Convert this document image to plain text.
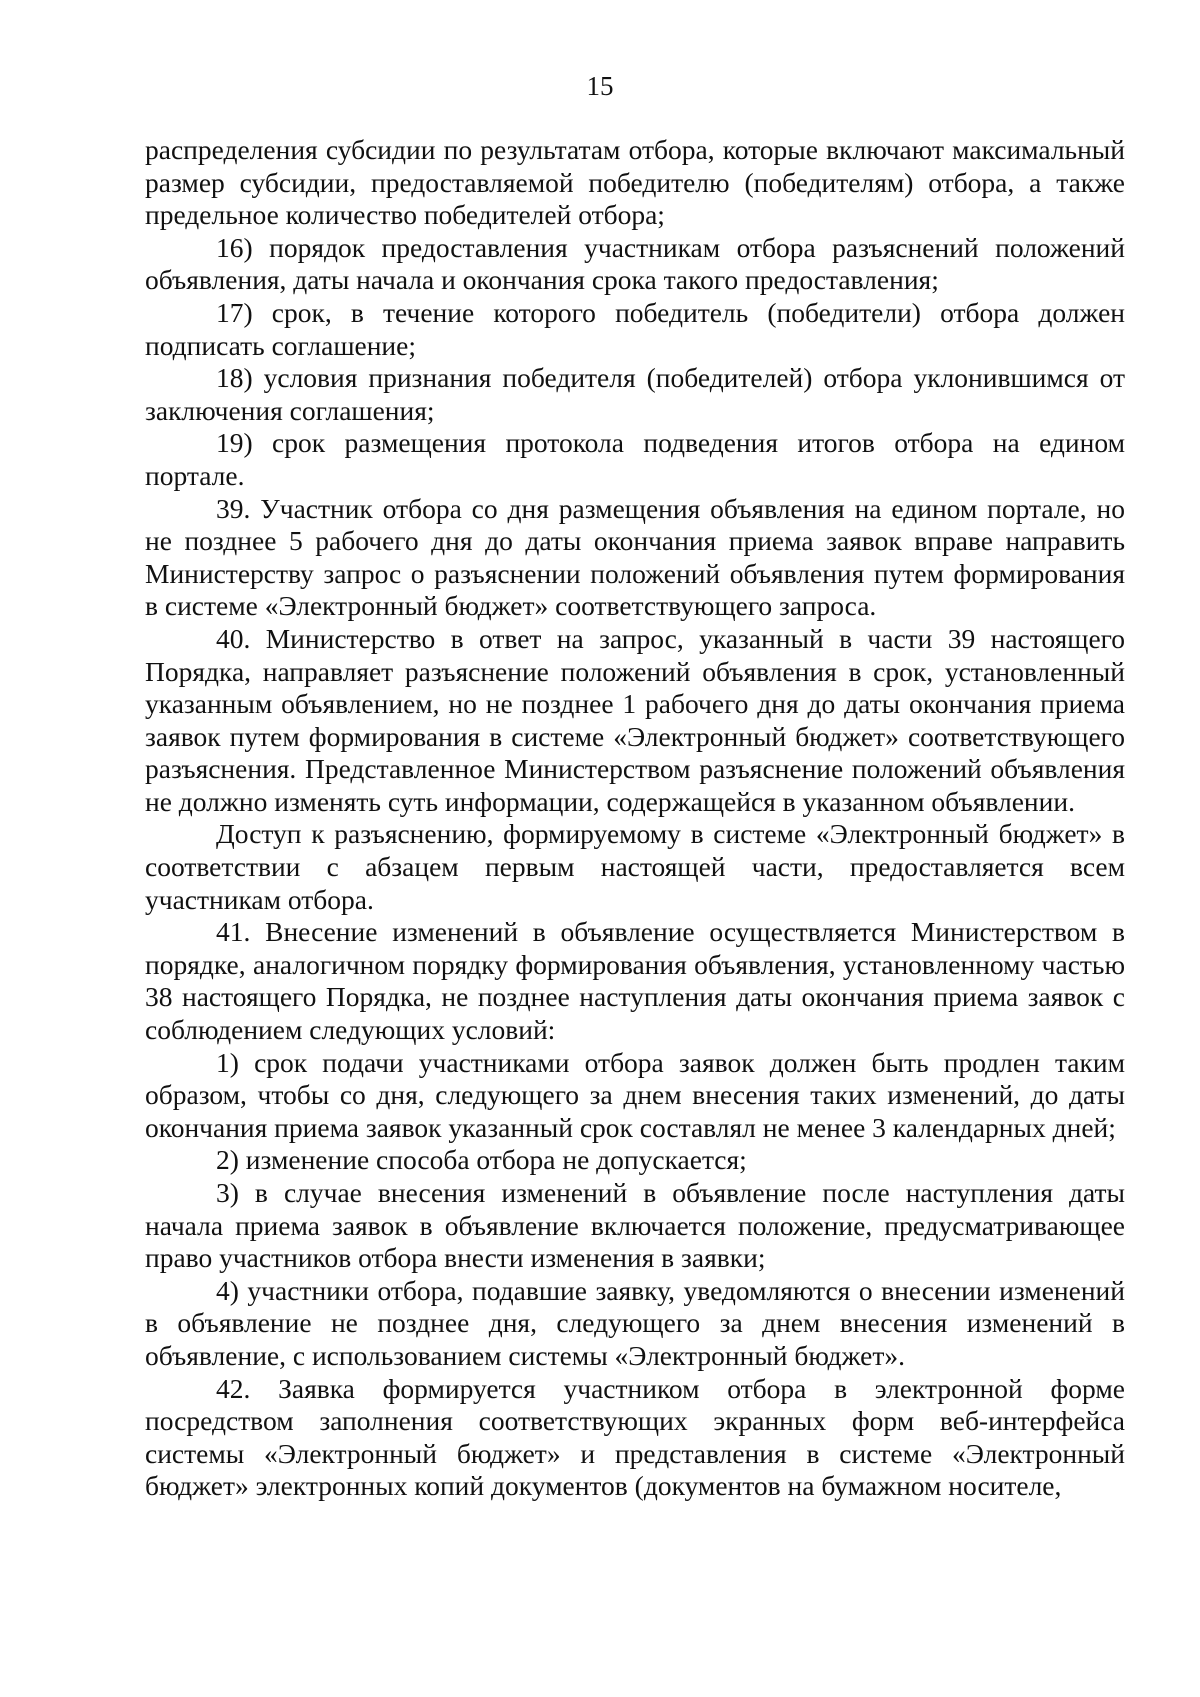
15

распределения субсидии по результатам отбора, которые включают максимальный размер субсидии, предоставляемой победителю (победителям) отбора, а также предельное количество победителей отбора;

16) порядок предоставления участникам отбора разъяснений положений объявления, даты начала и окончания срока такого предоставления;

17) срок, в течение которого победитель (победители) отбора должен подписать соглашение;

18) условия признания победителя (победителей) отбора уклонившимся от заключения соглашения;

19) срок размещения протокола подведения итогов отбора на едином портале.

39. Участник отбора со дня размещения объявления на едином портале, но не позднее 5 рабочего дня до даты окончания приема заявок вправе направить Министерству запрос о разъяснении положений объявления путем формирования в системе «Электронный бюджет» соответствующего запроса.

40. Министерство в ответ на запрос, указанный в части 39 настоящего Порядка, направляет разъяснение положений объявления в срок, установленный указанным объявлением, но не позднее 1 рабочего дня до даты окончания приема заявок путем формирования в системе «Электронный бюджет» соответствующего разъяснения. Представленное Министерством разъяснение положений объявления не должно изменять суть информации, содержащейся в указанном объявлении.

Доступ к разъяснению, формируемому в системе «Электронный бюджет» в соответствии с абзацем первым настоящей части, предоставляется всем участникам отбора.

41. Внесение изменений в объявление осуществляется Министерством в порядке, аналогичном порядку формирования объявления, установленному частью 38 настоящего Порядка, не позднее наступления даты окончания приема заявок с соблюдением следующих условий:

1) срок подачи участниками отбора заявок должен быть продлен таким образом, чтобы со дня, следующего за днем внесения таких изменений, до даты окончания приема заявок указанный срок составлял не менее 3 календарных дней;

2) изменение способа отбора не допускается;

3) в случае внесения изменений в объявление после наступления даты начала приема заявок в объявление включается положение, предусматривающее право участников отбора внести изменения в заявки;

4) участники отбора, подавшие заявку, уведомляются о внесении изменений в объявление не позднее дня, следующего за днем внесения изменений в объявление, с использованием системы «Электронный бюджет».

42. Заявка формируется участником отбора в электронной форме посредством заполнения соответствующих экранных форм веб-интерфейса системы «Электронный бюджет» и представления в системе «Электронный бюджет» электронных копий документов (документов на бумажном носителе,
